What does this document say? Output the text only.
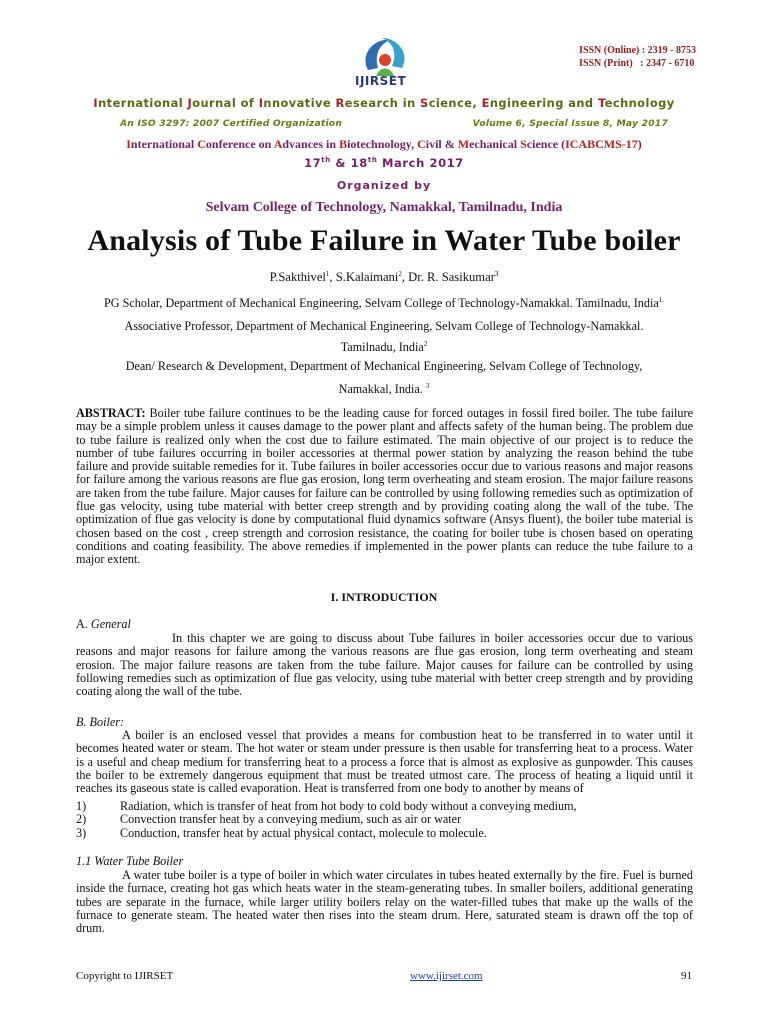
IJIRSET
ISSN (Online) : 2319 - 8753
ISSN (Print)   : 2347 - 6710
International Journal of Innovative Research in Science, Engineering and Technology
An ISO 3297: 2007 Certified Organization	Volume 6, Special Issue 8, May 2017
International Conference on Advances in Biotechnology, Civil & Mechanical Science (ICABCMS-17)
17th & 18th March 2017
Organized by
Selvam College of Technology, Namakkal, Tamilnadu, India
Analysis of Tube Failure in Water Tube boiler
P.Sakthivel$^1$, S.Kalaimani$^2$, Dr. R. Sasikumar$^3$
PG Scholar, Department of Mechanical Engineering, Selvam College of Technology-Namakkal. Tamilnadu, India$^{1.}$
Associative Professor, Department of Mechanical Engineering, Selvam College of Technology-Namakkal.
Tamilnadu, India$^2$
Dean/ Research & Development, Department of Mechanical Engineering, Selvam College of Technology,
Namakkal, India. $^3$
ABSTRACT: Boiler tube failure continues to be the leading cause for forced outages in fossil fired boiler. The tube failure may be a simple problem unless it causes damage to the power plant and affects safety of the human being. The problem due to tube failure is realized only when the cost due to failure estimated. The main objective of our project is to reduce the number of tube failures occurring in boiler accessories at thermal power station by analyzing the reason behind the tube failure and provide suitable remedies for it. Tube failures in boiler accessories occur due to various reasons and major reasons for failure among the various reasons are flue gas erosion, long term overheating and steam erosion. The major failure reasons are taken from the tube failure. Major causes for failure can be controlled by using following remedies such as optimization of flue gas velocity, using tube material with better creep strength and by providing coating along the wall of the tube. The optimization of flue gas velocity is done by computational fluid dynamics software (Ansys fluent), the boiler tube material is chosen based on the cost , creep strength and corrosion resistance, the coating for boiler tube is chosen based on operating conditions and coating feasibility. The above remedies if implemented in the power plants can reduce the tube failure to a major extent.
I. INTRODUCTION
A. General
In this chapter we are going to discuss about Tube failures in boiler accessories occur due to various reasons and major reasons for failure among the various reasons are flue gas erosion, long term overheating and steam erosion. The major failure reasons are taken from the tube failure. Major causes for failure can be controlled by using following remedies such as optimization of flue gas velocity, using tube material with better creep strength and by providing coating along the wall of the tube.
B. Boiler:
A boiler is an enclosed vessel that provides a means for combustion heat to be transferred in to water until it becomes heated water or steam. The hot water or steam under pressure is then usable for transferring heat to a process. Water is a useful and cheap medium for transferring heat to a process a force that is almost as explosive as gunpowder. This causes the boiler to be extremely dangerous equipment that must be treated utmost care. The process of heating a liquid until it reaches its gaseous state is called evaporation. Heat is transferred from one body to another by means of
1)	Radiation, which is transfer of heat from hot body to cold body without a conveying medium,
2)	Convection transfer heat by a conveying medium, such as air or water
3)	Conduction, transfer heat by actual physical contact, molecule to molecule.
1.1 Water Tube Boiler
A water tube boiler is a type of boiler in which water circulates in tubes heated externally by the fire. Fuel is burned inside the furnace, creating hot gas which heats water in the steam-generating tubes. In smaller boilers, additional generating tubes are separate in the furnace, while larger utility boilers relay on the water-filled tubes that make up the walls of the furnace to generate steam. The heated water then rises into the steam drum. Here, saturated steam is drawn off the top of drum.
Copyright to IJIRSET	www.ijirset.com	91
